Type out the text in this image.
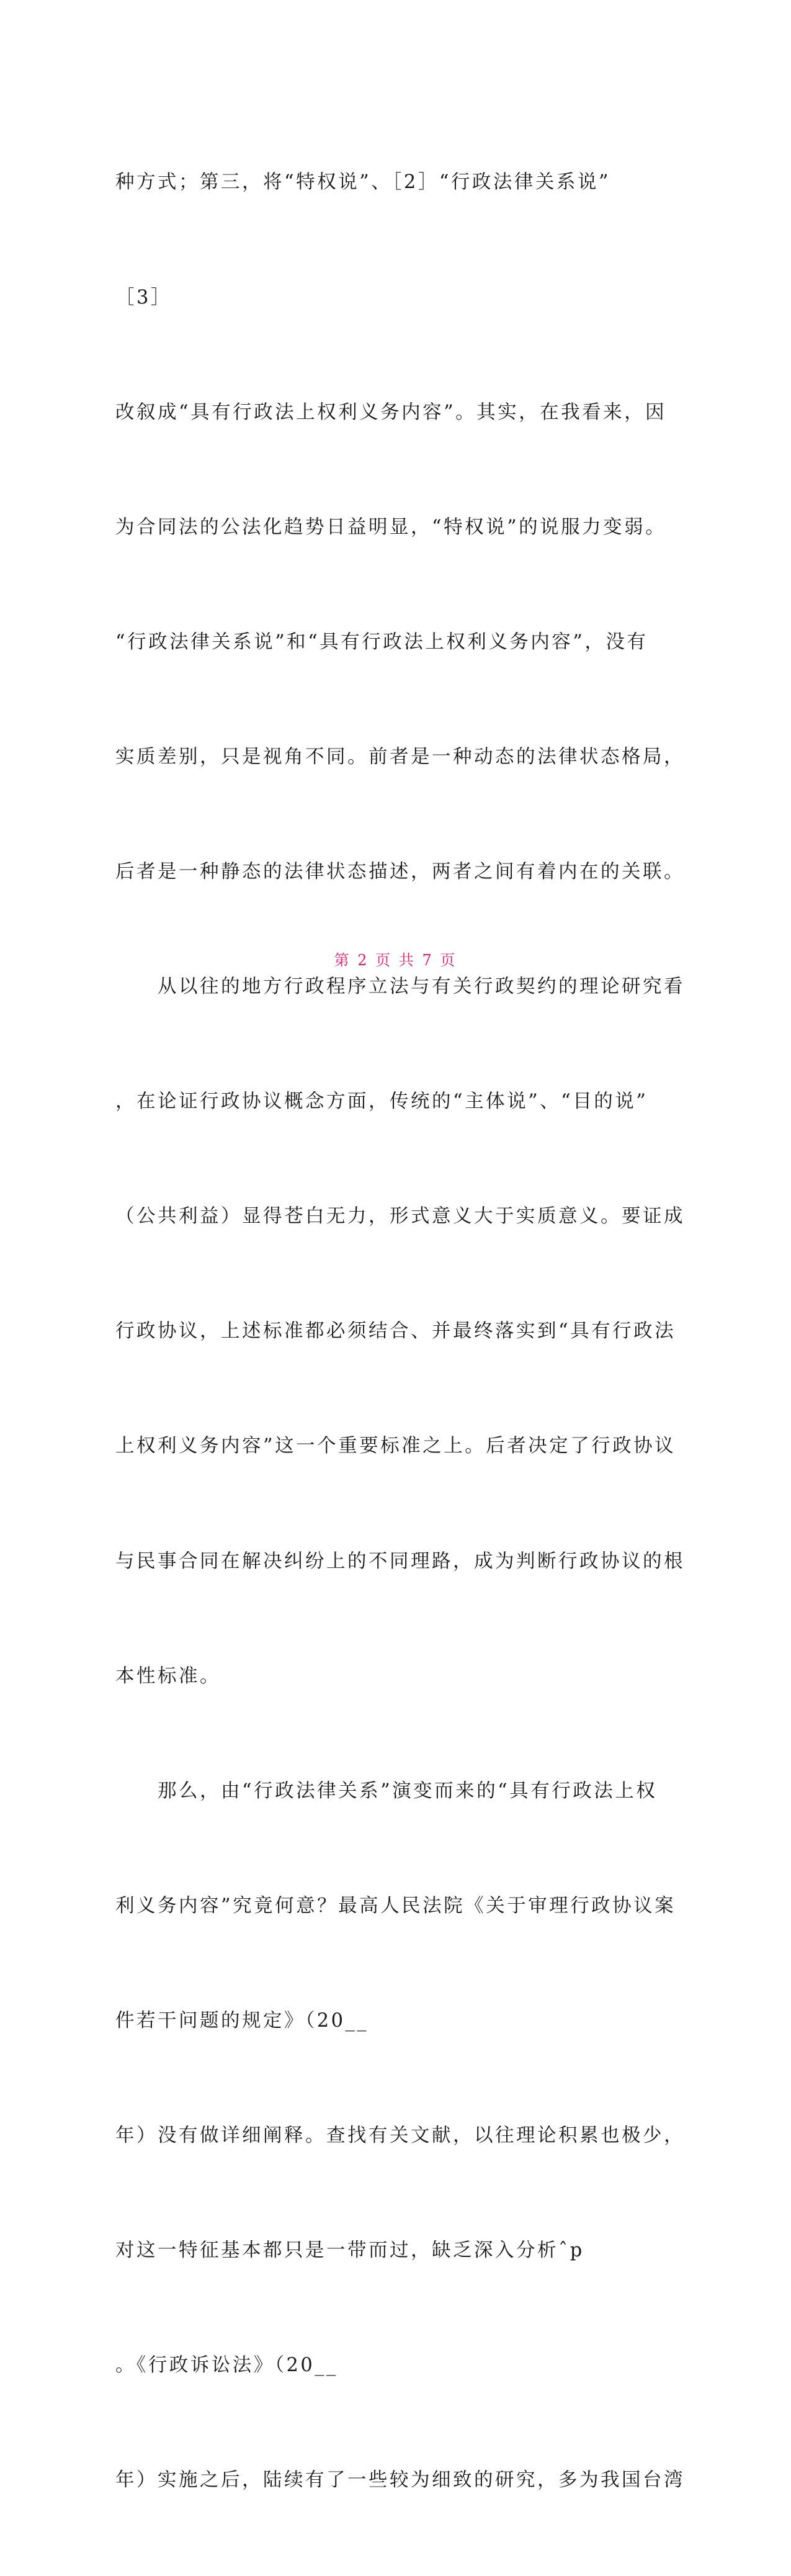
种方式；第三，将“特权说”、［2］“行政法律关系说”

［3］

改叙成“具有行政法上权利义务内容”。其实，在我看来，因

为合同法的公法化趋势日益明显，“特权说”的说服力变弱。

“行政法律关系说”和“具有行政法上权利义务内容”，没有

实质差别，只是视角不同。前者是一种动态的法律状态格局，

后者是一种静态的法律状态描述，两者之间有着内在的关联。

　　从以往的地方行政程序立法与有关行政契约的理论研究看

，在论证行政协议概念方面，传统的“主体说”、“目的说”

（公共利益）显得苍白无力，形式意义大于实质意义。要证成

行政协议，上述标准都必须结合、并最终落实到“具有行政法

上权利义务内容”这一个重要标准之上。后者决定了行政协议

与民事合同在解决纠纷上的不同理路，成为判断行政协议的根

本性标准。

　　那么，由“行政法律关系”演变而来的“具有行政法上权

利义务内容”究竟何意？最高人民法院《关于审理行政协议案

件若干问题的规定》（20__

年）没有做详细阐释。查找有关文献，以往理论积累也极少，

对这一特征基本都只是一带而过，缺乏深入分析ˆp

。《行政诉讼法》（20__

年）实施之后，陆续有了一些较为细致的研究，多为我国台湾

第 2 页 共 7 页
